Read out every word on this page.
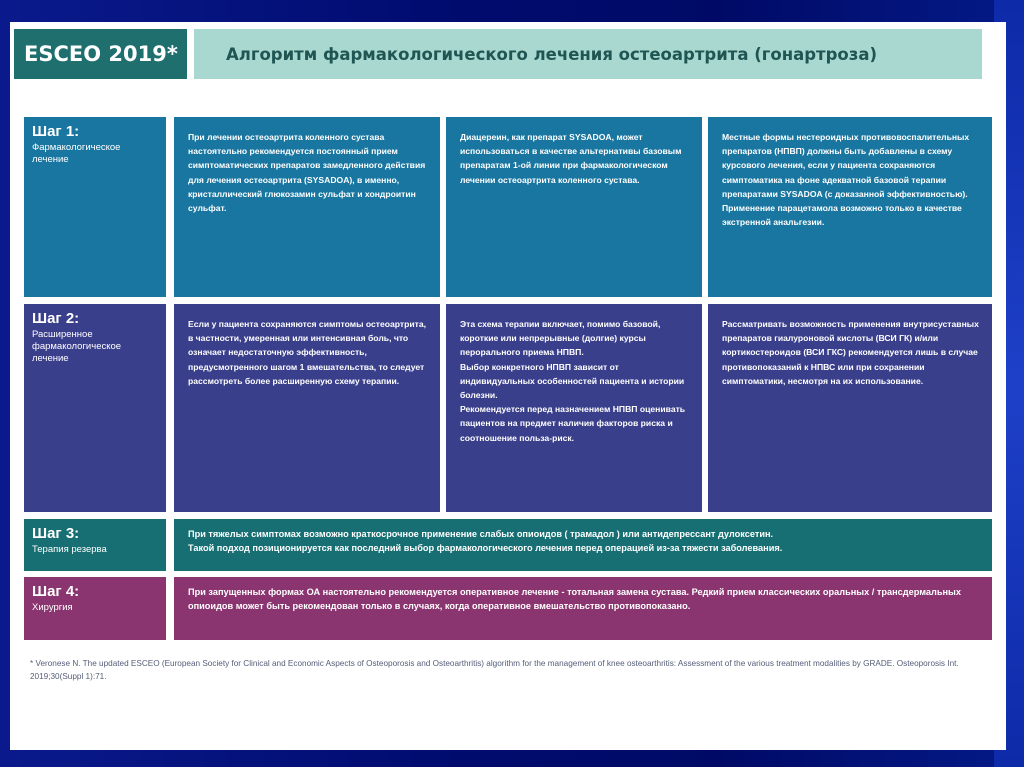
ESCEO 2019*	Алгоритм фармакологического лечения остеоартрита (гонартроза)
Шаг 1:
Фармакологическое лечение
При лечении остеоартрита коленного сустава настоятельно рекомендуется постоянный прием симптоматических препаратов замедленного действия для лечения остеоартрита (SYSADOA), в именно, кристаллический глюкозамин сульфат и хондроитин сульфат.
Диацереин, как препарат SYSADOA, может использоваться в качестве альтернативы базовым препаратам 1-ой линии при фармакологическом лечении остеоартрита коленного сустава.
Местные формы нестероидных противовоспалительных препаратов (НПВП) должны быть добавлены в схему курсового лечения, если у пациента сохраняются симптоматика на фоне адекватной базовой терапии препаратами SYSADOA (с доказанной эффективностью). Применение парацетамола возможно только в качестве экстренной анальгезии.
Шаг 2:
Расширенное фармакологическое лечение
Если у пациента сохраняются симптомы остеоартрита, в частности, умеренная или интенсивная боль, что означает недостаточную эффективность, предусмотренного шагом 1 вмешательства, то следует рассмотреть более расширенную схему терапии.
Эта схема терапии включает, помимо базовой, короткие или непрерывные (долгие) курсы перорального приема НПВП.
Выбор конкретного НПВП зависит от индивидуальных особенностей пациента и истории болезни.
Рекомендуется перед назначением НПВП оценивать пациентов на предмет наличия факторов риска и соотношение польза-риск.
Рассматривать возможность применения внутрисуставных препаратов гиалуроновой кислоты (ВСИ ГК) и/или кортикостероидов (ВСИ ГКС) рекомендуется лишь в случае противопоказаний к НПВС или при сохранении симптоматики, несмотря на их использование.
Шаг 3:
Терапия резерва
При тяжелых симптомах возможно краткосрочное применение слабых опиоидов ( трамадол ) или антидепрессант дулоксетин.
Такой подход позиционируется как последний выбор фармакологического лечения перед операцией из-за тяжести заболевания.
Шаг 4:
Хирургия
При запущенных формах ОА настоятельно рекомендуется оперативное лечение - тотальная замена сустава. Редкий прием классических оральных / трансдермальных опиоидов может быть рекомендован только в случаях, когда оперативное вмешательство противопоказано.
* Veronese N. The updated ESCEO (European Society for Clinical and Economic Aspects of Osteoporosis and Osteoarthritis) algorithm for the management of knee osteoarthritis: Assessment of the various treatment modalities by GRADE. Osteoporosis Int. 2019;30(Suppl 1):71.
